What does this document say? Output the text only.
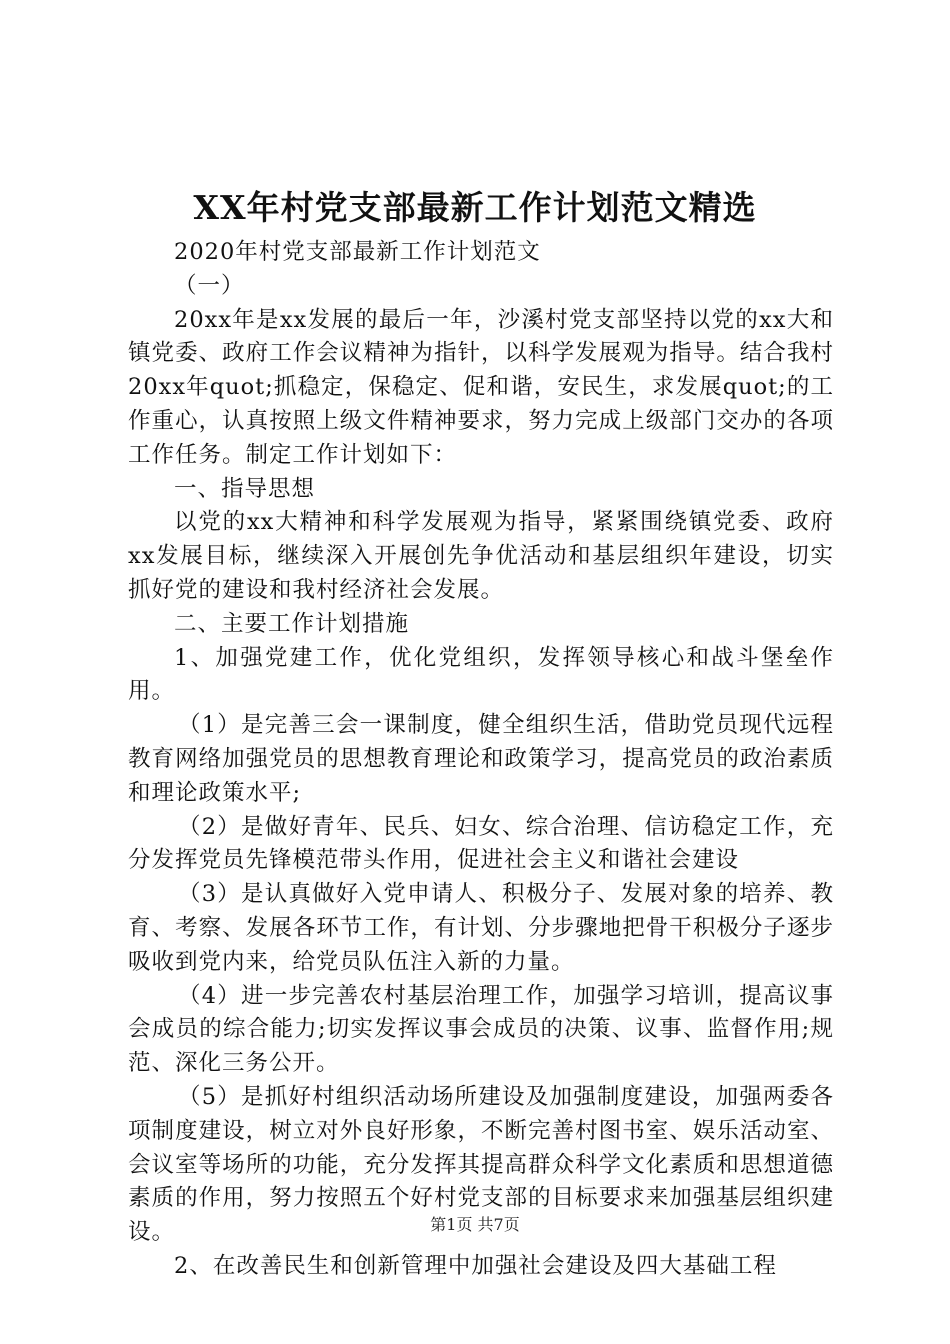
XX年村党支部最新工作计划范文精选

2020年村党支部最新工作计划范文

（一）

20xx年是xx发展的最后一年，沙溪村党支部坚持以党的xx大和镇党委、政府工作会议精神为指针，以科学发展观为指导。结合我村20xx年quot;抓稳定，保稳定、促和谐，安民生，求发展quot;的工作重心，认真按照上级文件精神要求，努力完成上级部门交办的各项工作任务。制定工作计划如下：

一、指导思想

以党的xx大精神和科学发展观为指导，紧紧围绕镇党委、政府xx发展目标，继续深入开展创先争优活动和基层组织年建设，切实抓好党的建设和我村经济社会发展。

二、主要工作计划措施

1、加强党建工作，优化党组织，发挥领导核心和战斗堡垒作用。

（1）是完善三会一课制度，健全组织生活，借助党员现代远程教育网络加强党员的思想教育理论和政策学习，提高党员的政治素质和理论政策水平;

（2）是做好青年、民兵、妇女、综合治理、信访稳定工作，充分发挥党员先锋模范带头作用，促进社会主义和谐社会建设

（3）是认真做好入党申请人、积极分子、发展对象的培养、教育、考察、发展各环节工作，有计划、分步骤地把骨干积极分子逐步吸收到党内来，给党员队伍注入新的力量。

（4）进一步完善农村基层治理工作，加强学习培训，提高议事会成员的综合能力;切实发挥议事会成员的决策、议事、监督作用;规范、深化三务公开。

（5）是抓好村组织活动场所建设及加强制度建设，加强两委各项制度建设，树立对外良好形象，不断完善村图书室、娱乐活动室、会议室等场所的功能，充分发挥其提高群众科学文化素质和思想道德素质的作用，努力按照五个好村党支部的目标要求来加强基层组织建设。

2、在改善民生和创新管理中加强社会建设及四大基础工程

第1页 共7页
